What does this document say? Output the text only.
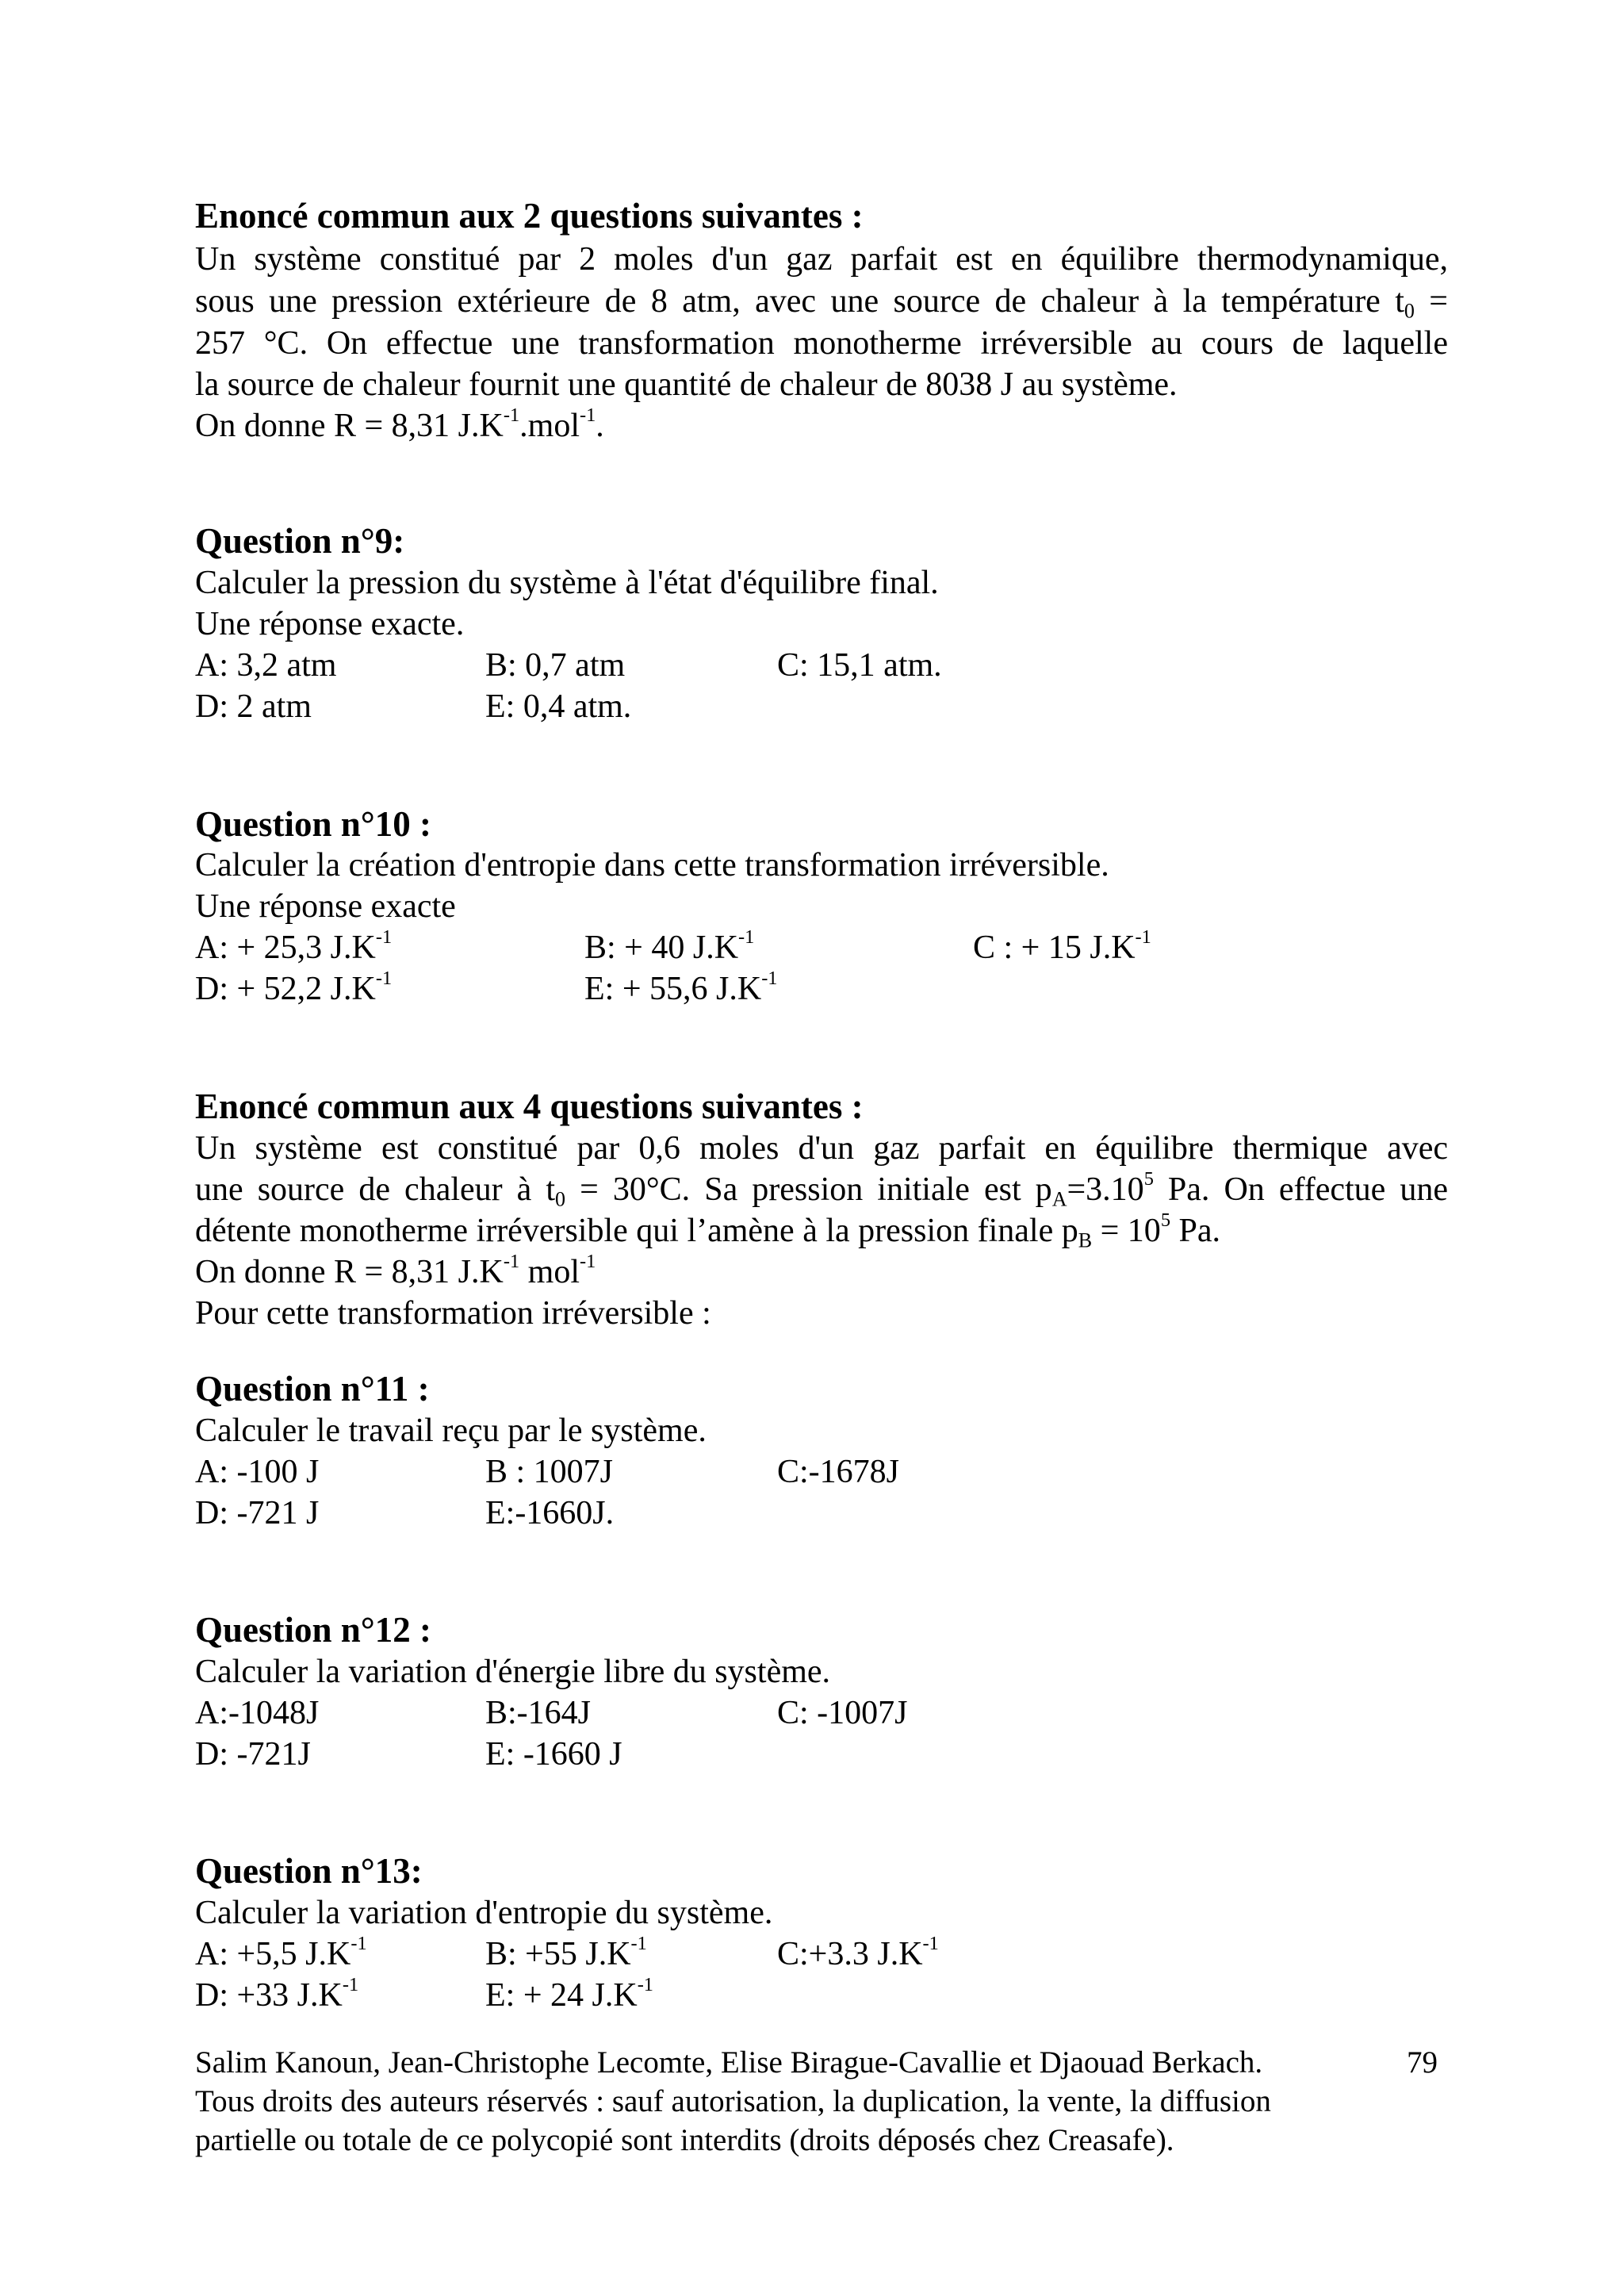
Enoncé commun aux 2 questions suivantes :

Un système constitué par 2 moles d'un gaz parfait est en équilibre thermodynamique,

sous une pression extérieure de 8 atm, avec une source de chaleur à la température $t_0$ =

257 °C. On effectue une transformation monotherme irréversible au cours de laquelle

la source de chaleur fournit une quantité de chaleur de 8038 J au système.

On donne R = 8,31 $J.K^{-1}.mol^{-1}$.

Question n°9:

Calculer la pression du système à l'état d'équilibre final.

Une réponse exacte.

A: 3,2 atm	B: 0,7 atm	C: 15,1 atm.
D: 2 atm	E: 0,4 atm.

Question n°10 :

Calculer la création d'entropie dans cette transformation irréversible.

Une réponse exacte

A: + 25,3 $J.K^{-1}$	B: + 40 $J.K^{-1}$	C : + 15 $J.K^{-1}$
D: + 52,2 $J.K^{-1}$	E: + 55,6 $J.K^{-1}$

Enoncé commun aux 4 questions suivantes :

Un système est constitué par 0,6 moles d'un gaz parfait en équilibre thermique avec

une source de chaleur à $t_0 = 30^\circ C$. Sa pression initiale est $p_A=3.10^5$ Pa. On effectue une

détente monotherme irréversible qui l’amène à la pression finale $p_B = 10^5$ Pa.

On donne R = 8,31 $J.K^{-1}$ mol$^{-1}$

Pour cette transformation irréversible :

Question n°11 :

Calculer le travail reçu par le système.

A: -100 J	B : 1007J	C:-1678J
D: -721 J	E:-1660J.

Question n°12 :

Calculer la variation d'énergie libre du système.

A:-1048J	B:-164J	C: -1007J
D: -721J	E: -1660 J

Question n°13:

Calculer la variation d'entropie du système.

A: +5,5 $J.K^{-1}$	B: +55 $J.K^{-1}$	C:+3.3 $J.K^{-1}$
D: +33 $J.K^{-1}$	E: + 24 $J.K^{-1}$

Salim Kanoun, Jean-Christophe Lecomte, Elise Birague-Cavallie et Djaouad Berkach.	79

Tous droits des auteurs réservés : sauf autorisation, la duplication, la vente, la diffusion

partielle ou totale de ce polycopié sont interdits (droits déposés chez Creasafe).
